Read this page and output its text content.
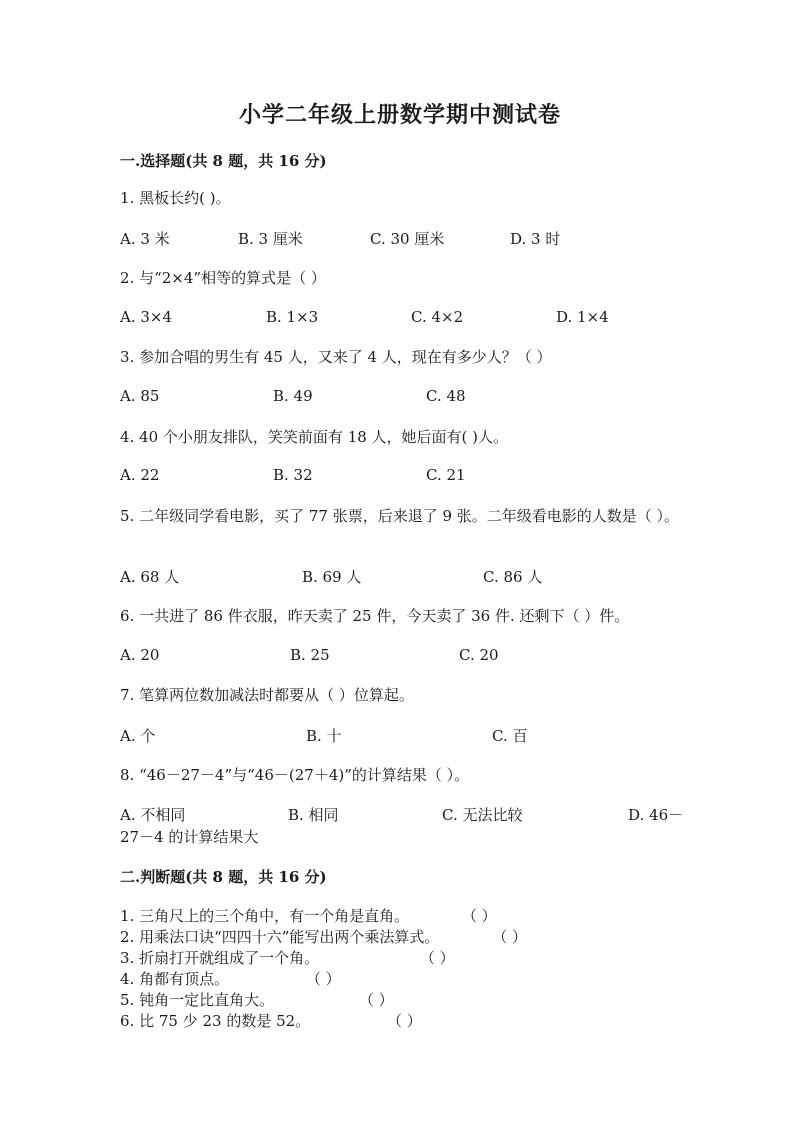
小学二年级上册数学期中测试卷
一.选择题(共 8 题，共 16 分)
1. 黑板长约( )。
A. 3 米	B. 3 厘米	C. 30 厘米	D. 3 时
2. 与“2×4”相等的算式是（ ）
A. 3×4	B. 1×3	C. 4×2	D. 1×4
3. 参加合唱的男生有 45 人，又来了 4 人，现在有多少人？（ ）
A. 85	B. 49	C. 48
4. 40 个小朋友排队，笑笑前面有 18 人，她后面有( )人。
A. 22	B. 32	C. 21
5. 二年级同学看电影，买了 77 张票，后来退了 9 张。二年级看电影的人数是（ ）。
A. 68 人	B. 69 人	C. 86 人
6. 一共进了 86 件衣服，昨天卖了 25 件，今天卖了 36 件. 还剩下（ ）件。
A. 20	B. 25	C. 20
7. 笔算两位数加减法时都要从（ ）位算起。
A. 个	B. 十	C. 百
8. “46－27－4”与“46－(27＋4)”的计算结果（ ）。
A. 不相同	B. 相同	C. 无法比较	D. 46－
27－4 的计算结果大
二.判断题(共 8 题，共 16 分)
1. 三角尺上的三个角中，有一个角是直角。	（ ）
2. 用乘法口诀“四四十六”能写出两个乘法算式。	（ ）
3. 折扇打开就组成了一个角。	（ ）
4. 角都有顶点。	（ ）
5. 钝角一定比直角大。	（ ）
6. 比 75 少 23 的数是 52。	（ ）
